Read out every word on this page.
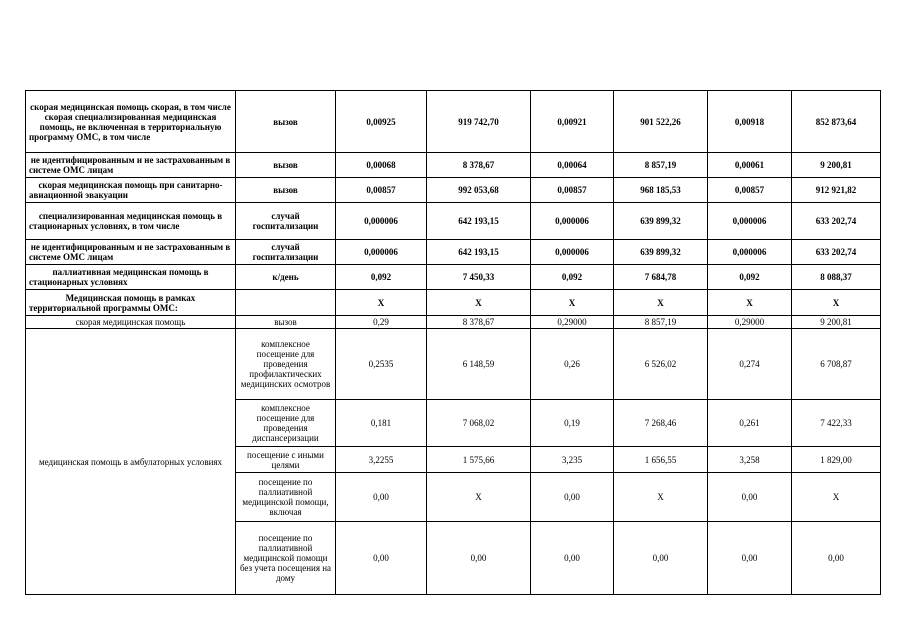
скорая медицинская помощь скорая, в том числе скорая специализированная медицинская помощь, не включенная в территориальную программу ОМС, в том числе	вызов	0,00925	919 742,70	0,00921	901 522,26	0,00918	852 873,64
не идентифицированным и не застрахованным в системе ОМС лицам	вызов	0,00068	8 378,67	0,00064	8 857,19	0,00061	9 200,81
скорая медицинская помощь при санитарно-авиационной эвакуации	вызов	0,00857	992 053,68	0,00857	968 185,53	0,00857	912 921,82
специализированная медицинская помощь в стационарных условиях, в том числе	случай госпитализации	0,000006	642 193,15	0,000006	639 899,32	0,000006	633 202,74
не идентифицированным и не застрахованным в системе ОМС лицам	случай госпитализации	0,000006	642 193,15	0,000006	639 899,32	0,000006	633 202,74
паллиативная медицинская помощь в стационарных условиях	к/день	0,092	7 450,33	0,092	7 684,78	0,092	8 088,37
Медицинская помощь в рамках территориальной программы ОМС:		X	X	X	X	X	X
скорая медицинская помощь	вызов	0,29	8 378,67	0,29000	8 857,19	0,29000	9 200,81
медицинская помощь в амбулаторных условиях	комплексное посещение для проведения профилактических медицинских осмотров	0,2535	6 148,59	0,26	6 526,02	0,274	6 708,87
	комплексное посещение для проведения диспансеризации	0,181	7 068,02	0,19	7 268,46	0,261	7 422,33
	посещение с иными целями	3,2255	1 575,66	3,235	1 656,55	3,258	1 829,00
	посещение по паллиативной медицинской помощи, включая	0,00	X	0,00	X	0,00	X
	посещение по паллиативной медицинской помощи без учета посещения на дому	0,00	0,00	0,00	0,00	0,00	0,00
